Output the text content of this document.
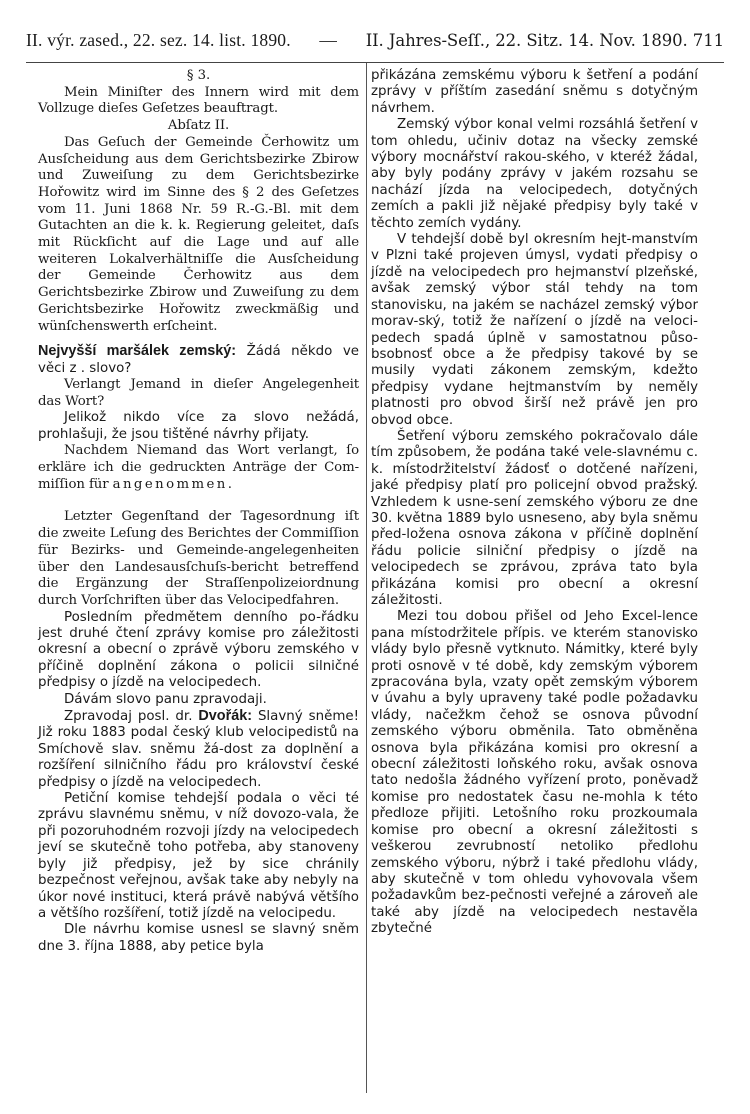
II. výr. zased., 22. sez. 14. list. 1890. — II. Jahres-Seſſ., 22. Sitz. 14. Nov. 1890. 711

§ 3.

Mein Miniſter des Innern wird mit dem Vollzuge dieſes Geſetzes beauftragt.

Abſatz II.

Das Geſuch der Gemeinde Čerhowitz um Ausſcheidung aus dem Gerichtsbezirke Zbirow und Zuweiſung zu dem Gerichtsbezirke Hořowitz wird im Sinne des § 2 des Geſetzes vom 11. Juni 1868 Nr. 59 R.-G.-Bl. mit dem Gutachten an die k. k. Regierung geleitet, daſs mit Rückſicht auf die Lage und auf alle weiteren Lokalverhältniſſe die Ausſcheidung der Gemeinde Čerhowitz aus dem Gerichtsbezirke Zbirow und Zuweiſung zu dem Gerichtsbezirke Hořowitz zweckmäßig und wünſchenswerth erſcheint.

Nejvyšší maršálek zemský: Žádá někdo ve věci z . slovo?

Verlangt Jemand in dieſer Angelegenheit das Wort?

Jelikož nikdo více za slovo nežádá, prohlašuji, že jsou tištěné návrhy přijaty.

Nachdem Niemand das Wort verlangt, ſo erkläre ich die gedruckten Anträge der Com-miſſion für angenommen.

Letzter Gegenſtand der Tagesordnung iſt die zweite Leſung des Berichtes der Commiſſion für Bezirks- und Gemeinde-angelegenheiten über den Landesausſchuſs-bericht betreffend die Ergänzung der Straſſenpolizeiordnung durch Vorſchriften über das Velocipedfahren.

Posledním předmětem denního po-řádku jest druhé čtení zprávy komise pro záležitosti okresní a obecní o zprávě výboru zemského v příčině doplnění zákona o policii silničné předpisy o jízdě na velocipedech.

Dávám slovo panu zpravodaji.

Zpravodaj posl. dr. Dvořák: Slavný sněme! Již roku 1883 podal český klub velocipedistů na Smíchově slav. sněmu žá-dost za doplnění a rozšíření silničního řádu pro království české předpisy o jízdě na velocipedech.

Petiční komise tehdejší podala o věci té zprávu slavnému sněmu, v níž dovozo-vala, že při pozoruhodném rozvoji jízdy na velocipedech jeví se skutečně toho potřeba, aby stanoveny byly již předpisy, jež by sice chránily bezpečnost veřejnou, avšak take aby nebyly na úkor nové instituci, která právě nabývá většího a většího rozšíření, totiž jízdě na velocipedu.

Dle návrhu komise usnesl se slavný sněm dne 3. října 1888, aby petice byla

přikázána zemskému výboru k šetření a podání zprávy v příštím zasedání sněmu s dotyčným návrhem.

Zemský výbor konal velmi rozsáhlá šetření v tom ohledu, učiniv dotaz na všecky zemské výbory mocnářství rakou-ského, v kteréž žádal, aby byly podány zprávy v jakém rozsahu se nachází jízda na velocipedech, dotyčných zemích a pakli již nějaké předpisy byly také v těchto zemích vydány.

V tehdejší době byl okresním hejt-manstvím v Plzni také projeven úmysl, vydati předpisy o jízdě na velocipedech pro hejmanství plzeňské, avšak zemský výbor stál tehdy na tom stanovisku, na jakém se nacházel zemský výbor morav-ský, totiž že nařízení o jízdě na veloci-pedech spadá úplně v samostatnou půso-bsobnosť obce a že předpisy takové by se musily vydati zákonem zemským, kdežto předpisy vydane hejtmanstvím by neměly platnosti pro obvod širší než právě jen pro obvod obce.

Šetření výboru zemského pokračovalo dále tím způsobem, že podána také vele-slavnému c. k. místodržitelství žádosť o dotčené nařízeni, jaké předpisy platí pro policejní obvod pražský. Vzhledem k usne-sení zemského výboru ze dne 30. května 1889 bylo usneseno, aby byla sněmu před-ložena osnova zákona v příčině doplnění řádu policie silniční předpisy o jízdě na velocipedech se zprávou, zpráva tato byla přikázána komisi pro obecní a okresní záležitosti.

Mezi tou dobou přišel od Jeho Excel-lence pana místodržitele přípis. ve kterém stanovisko vlády bylo přesně vytknuto. Námitky, které byly proti osnově v té době, kdy zemským výborem zpracována byla, vzaty opět zemským výborem v úvahu a byly upraveny také podle požadavku vlády, načežkm čehož se osnova původní zemského výboru obměnila. Tato obměněna osnova byla přikázána komisi pro okresní a obecní záležitosti loňského roku, avšak osnova tato nedošla žádného vyřízení proto, poněvadž komise pro nedostatek času ne-mohla k této předloze přijiti. Letošního roku prozkoumala komise pro obecní a okresní záležitosti s veškerou zevrubností netoliko předlohu zemského výboru, nýbrž i také předlohu vlády, aby skutečně v tom ohledu vyhovovala všem požadavkům bez-pečnosti veřejné a zároveň ale také aby jízdě na velocipedech nestavěla zbytečné
